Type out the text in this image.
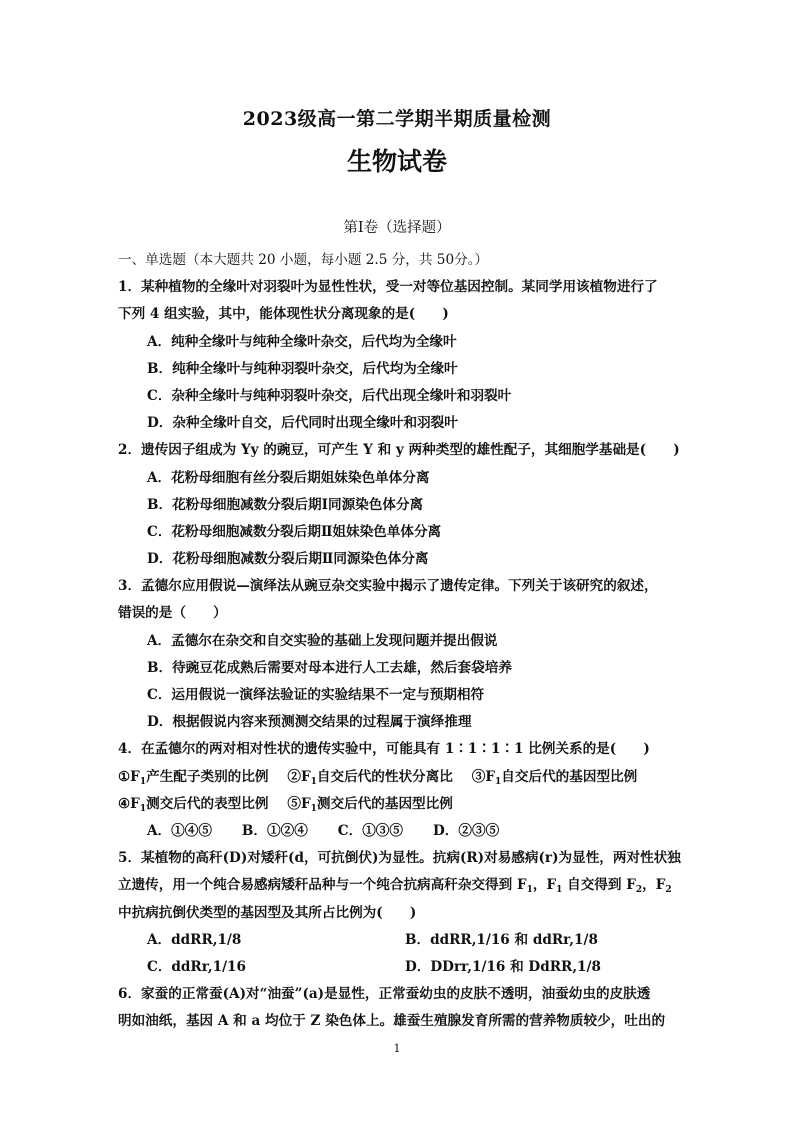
2023级高一第二学期半期质量检测
生物试卷
第Ⅰ卷（选择题）
一、单选题（本大题共 20 小题，每小题 2.5 分，共 50分。）
1．某种植物的全缘叶对羽裂叶为显性性状，受一对等位基因控制。某同学用该植物进行了
下列 4 组实验，其中，能体现性状分离现象的是(　　)
A．纯种全缘叶与纯种全缘叶杂交，后代均为全缘叶
B．纯种全缘叶与纯种羽裂叶杂交，后代均为全缘叶
C．杂种全缘叶与纯种羽裂叶杂交，后代出现全缘叶和羽裂叶
D．杂种全缘叶自交，后代同时出现全缘叶和羽裂叶
2．遗传因子组成为 Yy 的豌豆，可产生 Y 和 y 两种类型的雄性配子，其细胞学基础是(　　)
A．花粉母细胞有丝分裂后期姐妹染色单体分离
B．花粉母细胞减数分裂后期Ⅰ同源染色体分离
C．花粉母细胞减数分裂后期Ⅱ姐妹染色单体分离
D．花粉母细胞减数分裂后期Ⅱ同源染色体分离
3．孟德尔应用假说—演绎法从豌豆杂交实验中揭示了遗传定律。下列关于该研究的叙述，
错误的是（　　）
A．孟德尔在杂交和自交实验的基础上发现问题并提出假说
B．待豌豆花成熟后需要对母本进行人工去雄，然后套袋培养
C．运用假说一演绎法验证的实验结果不一定与预期相符
D．根据假说内容来预测测交结果的过程属于演绎推理
4．在孟德尔的两对相对性状的遗传实验中，可能具有 1∶1∶1∶1 比例关系的是(　　)
$①F_1$产生配子类别的比例 $②F_1$自交后代的性状分离比 $③F_1$自交后代的基因型比例
$④F_1$测交后代的表型比例 $⑤F_1$测交后代的基因型比例
A．①④⑤ B．①②④ C．①③⑤ D．②③⑤
5．某植物的高秆(D)对矮秆(d，可抗倒伏)为显性。抗病(R)对易感病(r)为显性，两对性状独
立遗传，用一个纯合易感病矮秆品种与一个纯合抗病高秆杂交得到 $F_1$，$F_1$ 自交得到 $F_2$，$F_2$
中抗病抗倒伏类型的基因型及其所占比例为(　　)
A．ddRR,1/8	B．ddRR,1/16 和 ddRr,1/8
C．ddRr,1/16	D．DDrr,1/16 和 DdRR,1/8
6．家蚕的正常蚕(A)对“油蚕”(a)是显性，正常蚕幼虫的皮肤不透明，油蚕幼虫的皮肤透
明如油纸，基因 A 和 a 均位于 Z 染色体上。雄蚕生殖腺发育所需的营养物质较少，吐出的
1
